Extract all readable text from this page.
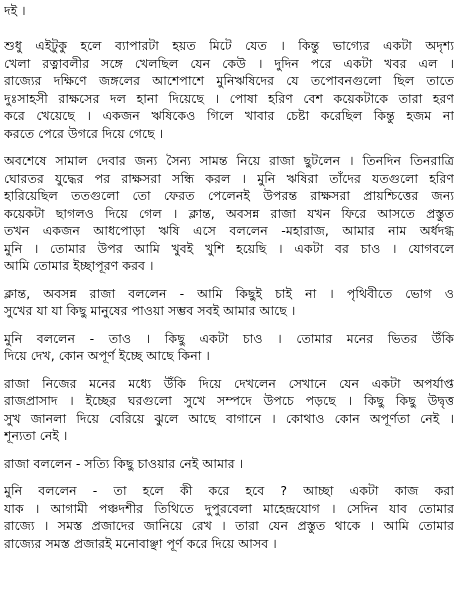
দই ।
শুধু এইটুকু হলে ব্যাপারটা হয়ত মিটে যেত । কিন্তু ভাগ্যের একটা অদৃশ্য
খেলা রত্নাবলীর সঙ্গে খেলছিল যেন কেউ । দুদিন পরে একটা খবর এল ।
রাজ্যের দক্ষিণে জঙ্গলের আশেপাশে মুনিঋষিদের যে তপোবনগুলো ছিল তাতে
দুঃসাহসী রাক্ষসের দল হানা দিয়েছে । পোষা হরিণ বেশ কয়েকটাকে তারা হরণ
করে খেয়েছে । একজন ঋষিকেও গিলে খাবার চেষ্টা করেছিল কিন্তু হজম না
করতে পেরে উগরে দিয়ে গেছে ।
অবশেষে সামাল দেবার জন্য সৈন্য সামন্ত নিয়ে রাজা ছুটলেন । তিনদিন তিনরাত্রি
ঘোরতর যুদ্ধের পর রাক্ষসরা সন্ধি করল । মুনি ঋষিরা তাঁদের যতগুলো হরিণ
হারিয়েছিল ততগুলো তো ফেরত পেলেনই উপরন্ত রাক্ষসরা প্রায়শ্চিত্তের জন্য
কয়েকটা ছাগলও দিয়ে গেল । ক্লান্ত, অবসন্ন রাজা যখন ফিরে আসতে প্রস্তুত
তখন একজন আধপোড়া ঋষি এসে বললেন -মহারাজ, আমার নাম অর্ধদগ্ধ
মুনি । তোমার উপর আমি খুবই খুশি হয়েছি । একটা বর চাও । যোগবলে
আমি তোমার ইচ্ছাপূরণ করব ।
ক্লান্ত, অবসন্ন রাজা বললেন - আমি কিছুই চাই না । পৃথিবীতে ভোগ ও
সুখের যা যা কিছু মানুষের পাওয়া সম্ভব সবই আমার আছে ।
মুনি বললেন - তাও । কিছু একটা চাও । তোমার মনের ভিতর উঁকি
দিয়ে দেখ, কোন অপূর্ণ ইচ্ছে আছে কিনা ।
রাজা নিজের মনের মধ্যে উঁকি দিয়ে দেখলেন সেখানে যেন একটা অপর্যাপ্ত
রাজপ্রাসাদ । ইচ্ছের ঘরগুলো সুখে সম্পদে উপচে পড়ছে । কিছু কিছু উদ্বৃত্ত
সুখ জানলা দিয়ে বেরিয়ে ঝুলে আছে বাগানে । কোথাও কোন অপূর্ণতা নেই ।
শূন্যতা নেই ।
রাজা বললেন - সত্যি কিছু চাওয়ার নেই আমার ।
মুনি বললেন - তা হলে কী করে হবে ? আচ্ছা একটা কাজ করা
যাক । আগামী পঞ্চদশীর তিথিতে দুপুরবেলা মাহেন্দ্রযোগ । সেদিন যাব তোমার
রাজ্যে । সমস্ত প্রজাদের জানিয়ে রেখ । তারা যেন প্রস্তুত থাকে । আমি তোমার
রাজ্যের সমস্ত প্রজারই মনোবাঞ্ছা পূর্ণ করে দিয়ে আসব ।
